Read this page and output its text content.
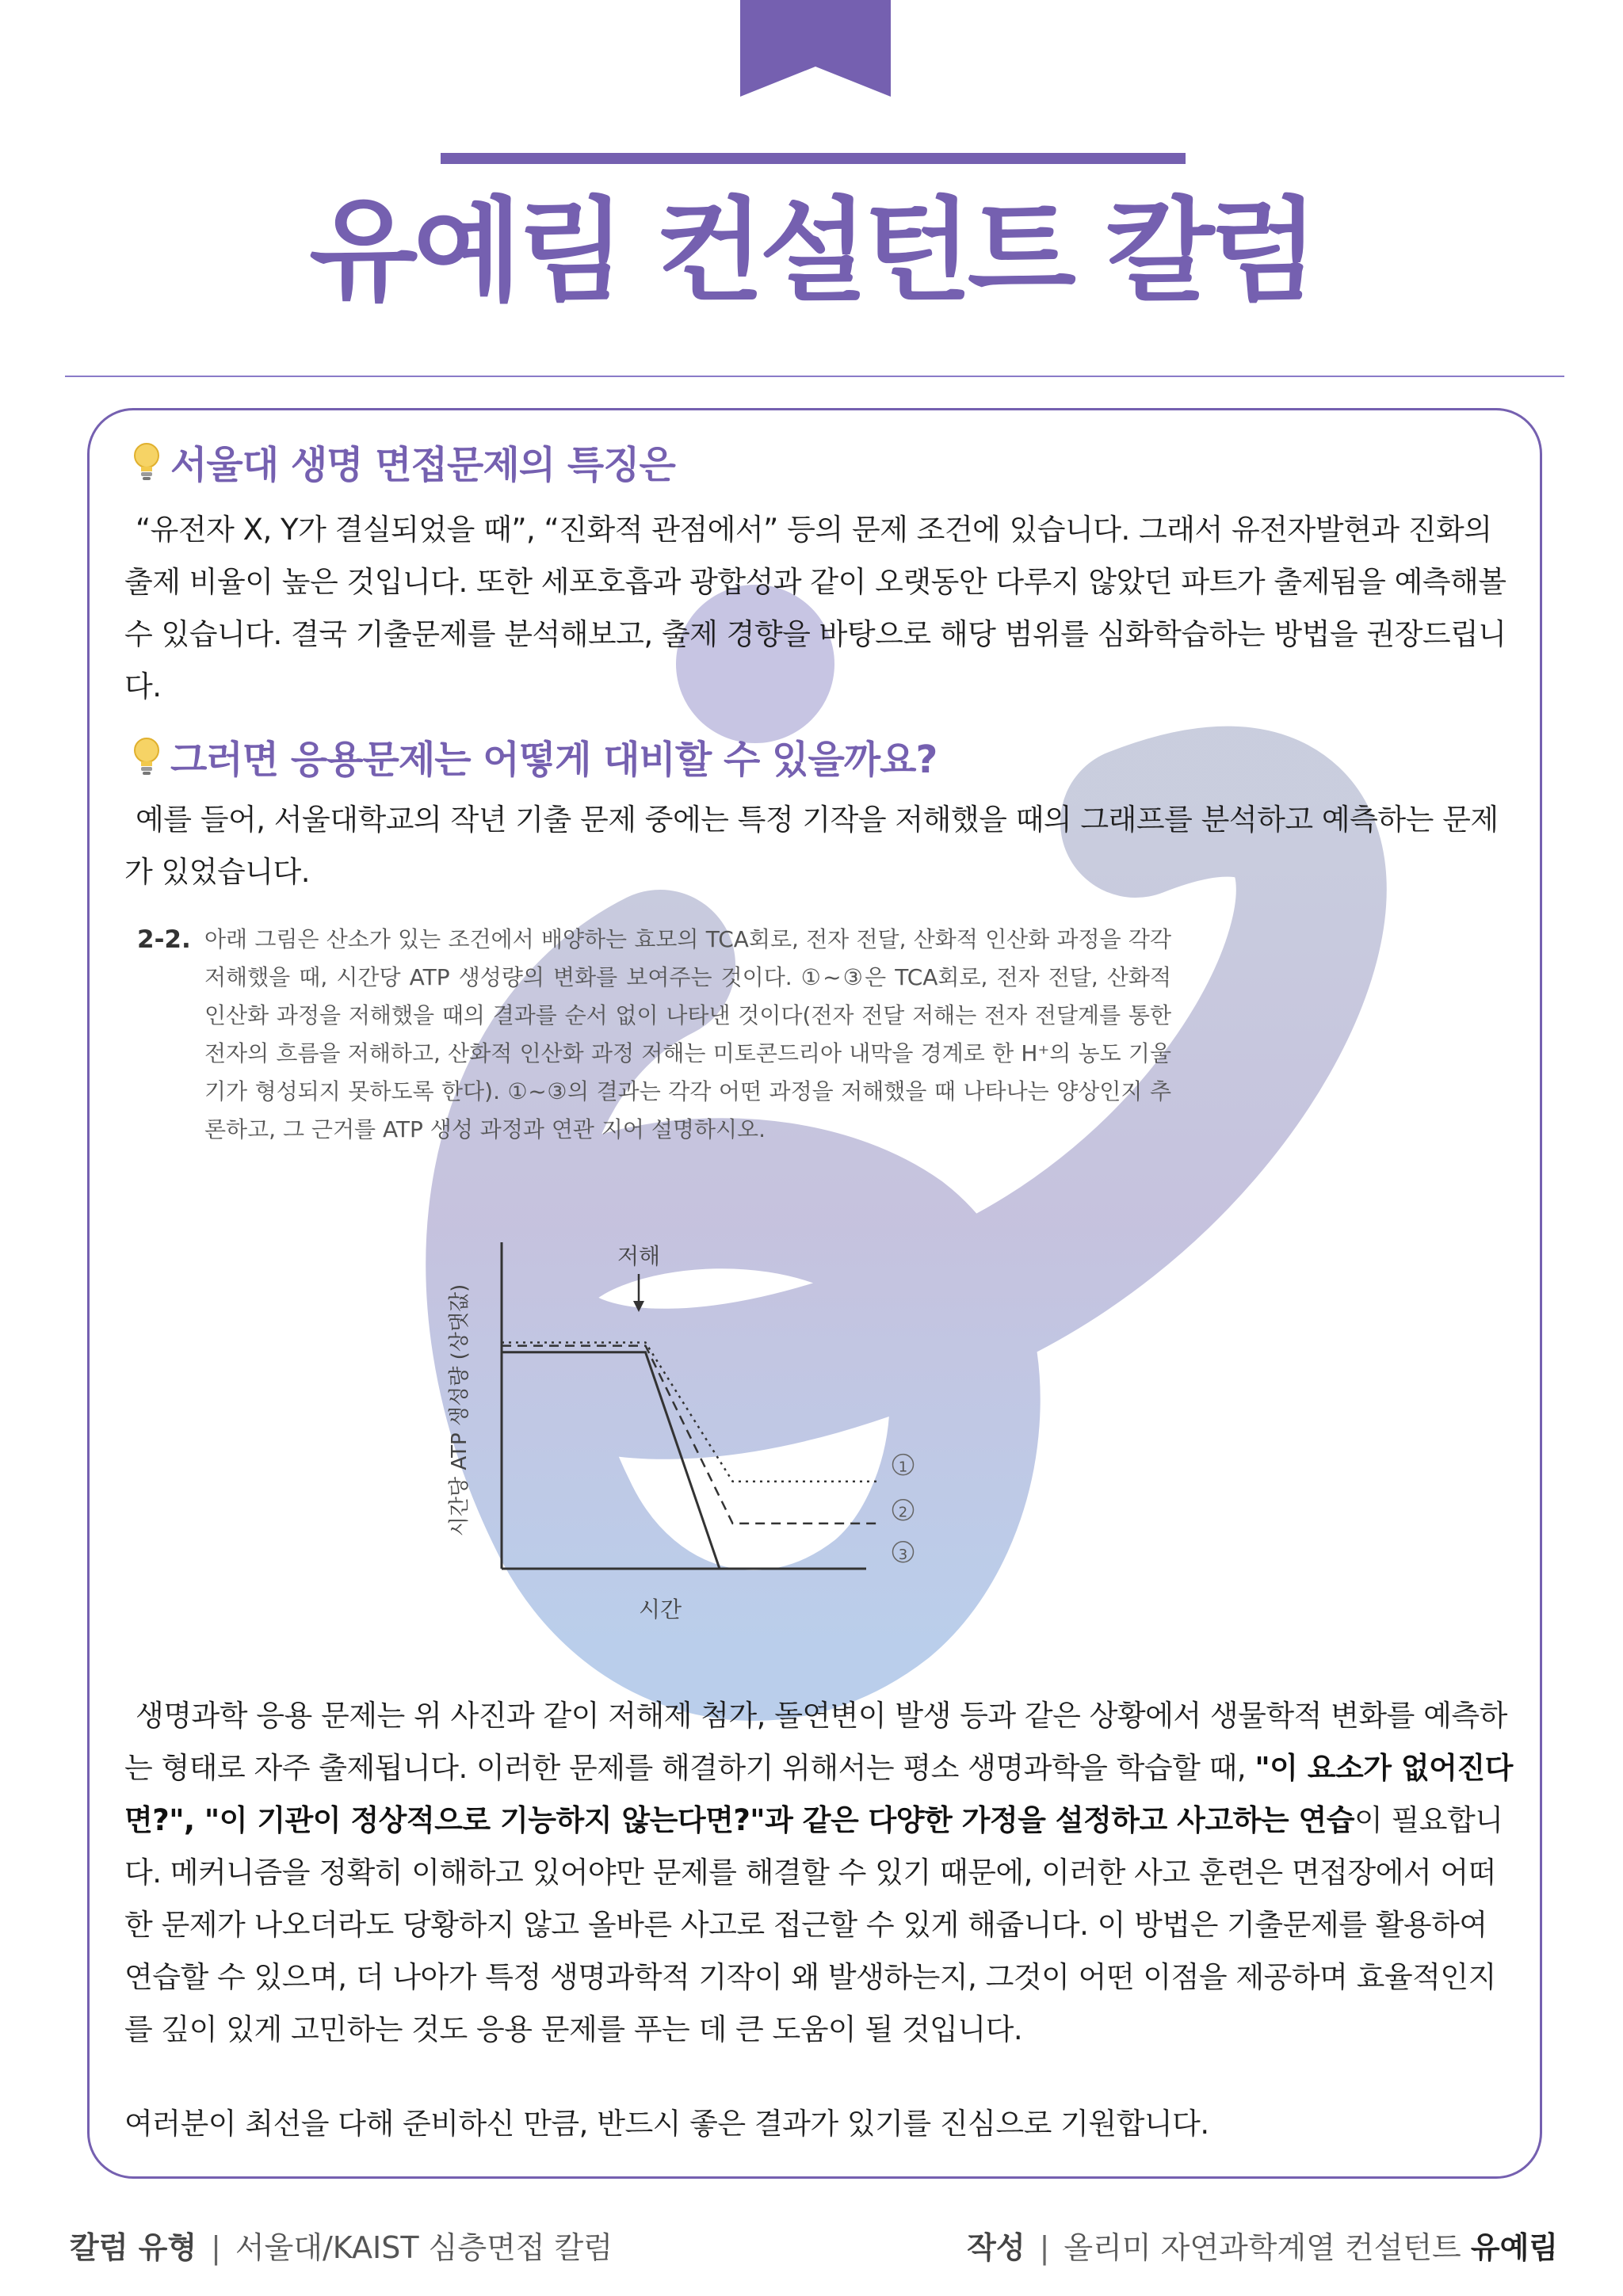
유예림 컨설턴트 칼럼
서울대 생명 면접문제의 특징은

“유전자 X, Y가 결실되었을 때”, “진화적 관점에서” 등의 문제 조건에 있습니다. 그래서 유전자발현과 진화의 출제 비율이 높은 것입니다. 또한 세포호흡과 광합성과 같이 오랫동안 다루지 않았던 파트가 출제됨을 예측해볼 수 있습니다. 결국 기출문제를 분석해보고, 출제 경향을 바탕으로 해당 범위를 심화학습하는 방법을 권장드립니다.

그러면 응용문제는 어떻게 대비할 수 있을까요?

예를 들어, 서울대학교의 작년 기출 문제 중에는 특정 기작을 저해했을 때의 그래프를 분석하고 예측하는 문제가 있었습니다.

2-2. 아래 그림은 산소가 있는 조건에서 배양하는 효모의 TCA회로, 전자 전달, 산화적 인산화 과정을 각각 저해했을 때, 시간당 ATP 생성량의 변화를 보여주는 것이다. ①~③은 TCA회로, 전자 전달, 산화적 인산화 과정을 저해했을 때의 결과를 순서 없이 나타낸 것이다(전자 전달 저해는 전자 전달계를 통한 전자의 흐름을 저해하고, 산화적 인산화 과정 저해는 미토콘드리아 내막을 경계로 한 H⁺의 농도 기울기가 형성되지 못하도록 한다). ①~③의 결과는 각각 어떤 과정을 저해했을 때 나타나는 양상인지 추론하고, 그 근거를 ATP 생성 과정과 연관 지어 설명하시오.

시간
시간당 ATP 생성량 (상댓값)
저해
1
2
3

생명과학 응용 문제는 위 사진과 같이 저해제 첨가, 돌연변이 발생 등과 같은 상황에서 생물학적 변화를 예측하는 형태로 자주 출제됩니다. 이러한 문제를 해결하기 위해서는 평소 생명과학을 학습할 때, "이 요소가 없어진다면?", "이 기관이 정상적으로 기능하지 않는다면?"과 같은 다양한 가정을 설정하고 사고하는 연습이 필요합니다. 메커니즘을 정확히 이해하고 있어야만 문제를 해결할 수 있기 때문에, 이러한 사고 훈련은 면접장에서 어떠한 문제가 나오더라도 당황하지 않고 올바른 사고로 접근할 수 있게 해줍니다. 이 방법은 기출문제를 활용하여 연습할 수 있으며, 더 나아가 특정 생명과학적 기작이 왜 발생하는지, 그것이 어떤 이점을 제공하며 효율적인지를 깊이 있게 고민하는 것도 응용 문제를 푸는 데 큰 도움이 될 것입니다.

여러분이 최선을 다해 준비하신 만큼, 반드시 좋은 결과가 있기를 진심으로 기원합니다.

칼럼 유형 | 서울대/KAIST 심층면접 칼럼	작성 | 올리미 자연과학계열 컨설턴트 유예림
